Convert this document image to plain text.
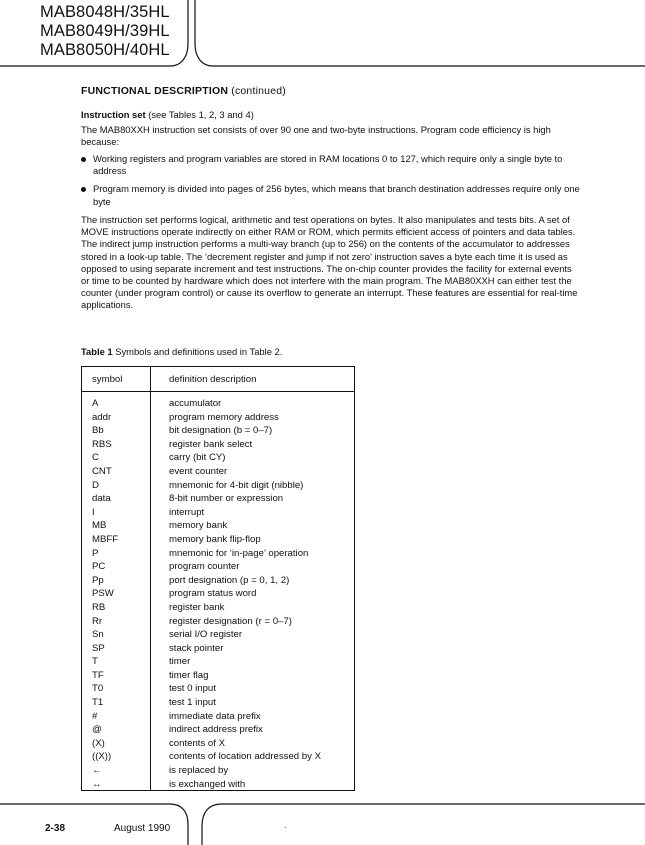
MAB8048H/35HL
MAB8049H/39HL
MAB8050H/40HL
FUNCTIONAL DESCRIPTION (continued)
Instruction set (see Tables 1, 2, 3 and 4)
The MAB80XXH instruction set consists of over 90 one and two-byte instructions. Program code efficiency is high because:
Working registers and program variables are stored in RAM locations 0 to 127, which require only a single byte to address
Program memory is divided into pages of 256 bytes, which means that branch destination addresses require only one byte
The instruction set performs logical, arithmetic and test operations on bytes. It also manipulates and tests bits. A set of MOVE instructions operate indirectly on either RAM or ROM, which permits efficient access of pointers and data tables. The indirect jump instruction performs a multi-way branch (up to 256) on the contents of the accumulator to addresses stored in a look-up table. The ‘decrement register and jump if not zero’ instruction saves a byte each time it is used as opposed to using separate increment and test instructions. The on-chip counter provides the facility for external events or time to be counted by hardware which does not interfere with the main program. The MAB80XXH can either test the counter (under program control) or cause its overflow to generate an interrupt. These features are essential for real-time applications.
Table 1 Symbols and definitions used in Table 2.
symbol	definition description
A	accumulator
addr	program memory address
Bb	bit designation (b = 0–7)
RBS	register bank select
C	carry (bit CY)
CNT	event counter
D	mnemonic for 4-bit digit (nibble)
data	8-bit number or expression
I	interrupt
MB	memory bank
MBFF	memory bank flip-flop
P	mnemonic for ‘in-page’ operation
PC	program counter
Pp	port designation (p = 0, 1, 2)
PSW	program status word
RB	register bank
Rr	register designation (r = 0–7)
Sn	serial I/O register
SP	stack pointer
T	timer
TF	timer flag
T0	test 0 input
T1	test 1 input
#	immediate data prefix
@	indirect address prefix
(X)	contents of X
((X))	contents of location addressed by X
←	is replaced by
↔	is exchanged with
2-38	August 1990	.
